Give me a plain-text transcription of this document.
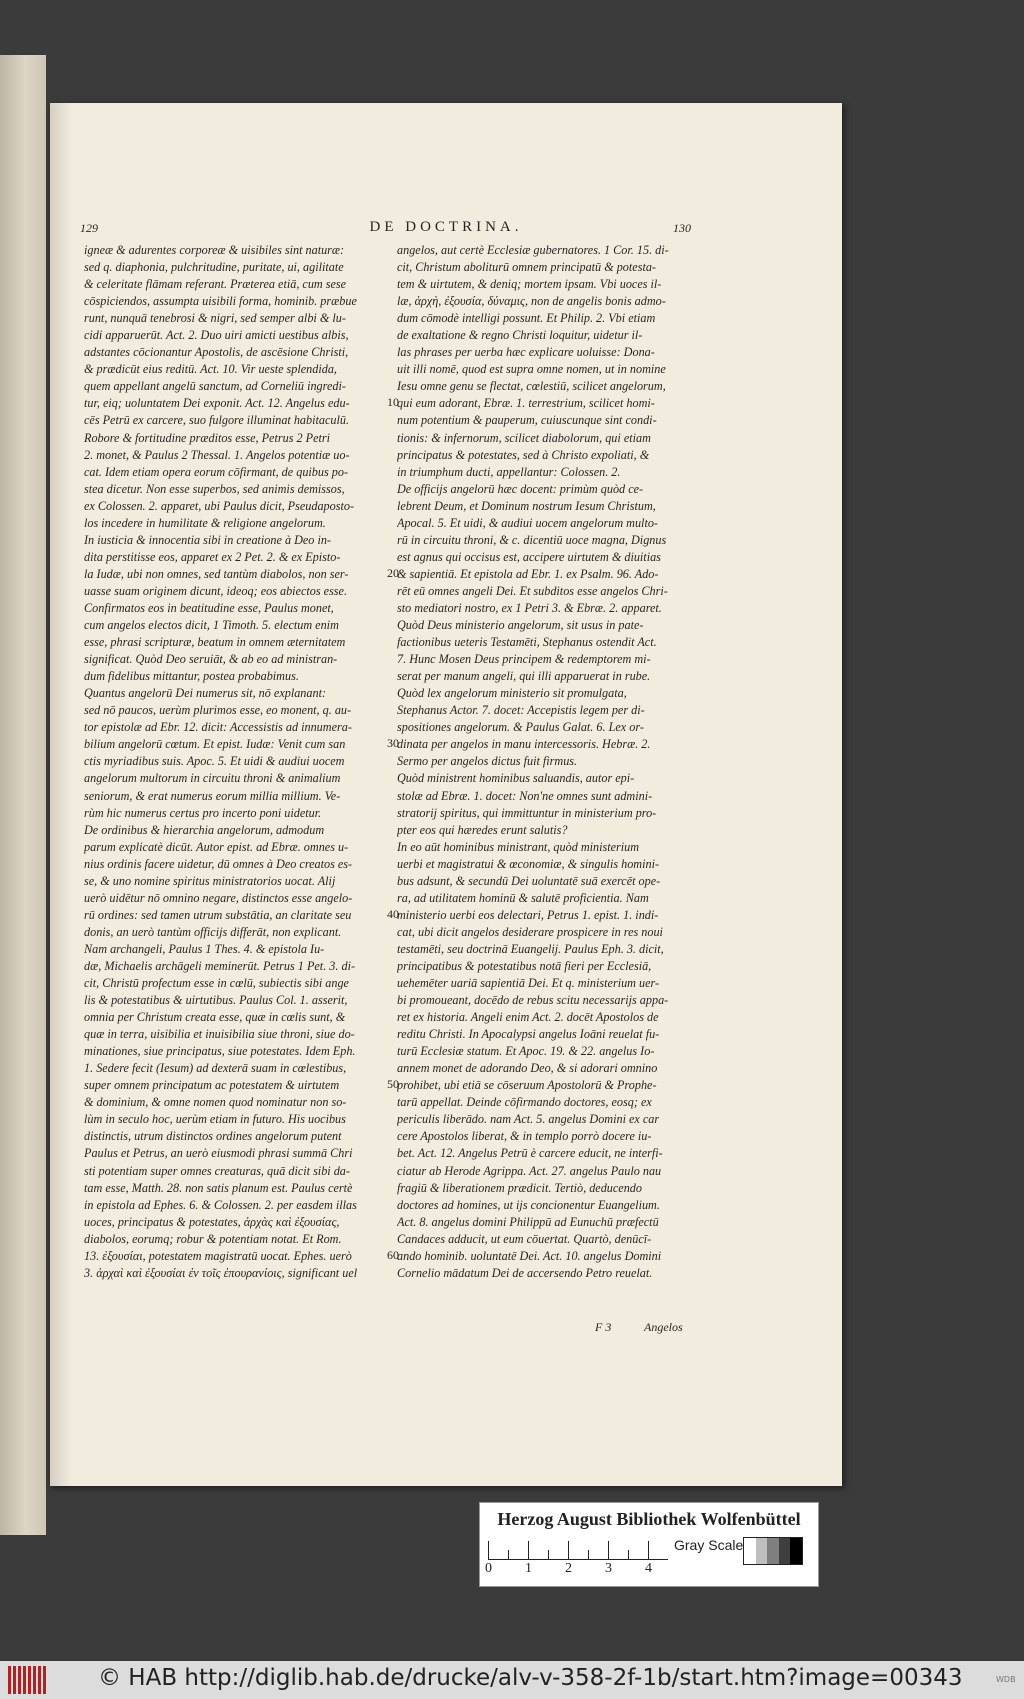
129	DE DOCTRINA.	130
igneæ & adurentes corporeæ & uisibiles sint naturæ:
sed q. diaphonia, pulchritudine, puritate, ui, agilitate
& celeritate flāmam referant. Præterea etiā, cum sese
cōspiciendos, assumpta uisibili forma, hominib. præbue
runt, nunquā tenebrosi & nigri, sed semper albi & lu-
cidi apparuerūt. Act. 2. Duo uiri amicti uestibus albis,
adstantes cōcionantur Apostolis, de ascēsione Christi,
& prædicūt eius reditū. Act. 10. Vir ueste splendida,
quem appellant angelū sanctum, ad Corneliū ingredi-
tur, eiq; uoluntatem Dei exponit. Act. 12. Angelus edu-
cēs Petrū ex carcere, suo fulgore illuminat habitaculū.
Robore & fortitudine præditos esse, Petrus 2 Petri
2. monet, & Paulus 2 Thessal. 1. Angelos potentiæ uo-
cat. Idem etiam opera eorum cōfirmant, de quibus po-
stea dicetur. Non esse superbos, sed animis demissos,
ex Colossen. 2. apparet, ubi Paulus dicit, Pseudaposto-
los incedere in humilitate & religione angelorum.
In iusticia & innocentia sibi in creatione à Deo in-
dita perstitisse eos, apparet ex 2 Pet. 2. & ex Episto-
la Iudæ, ubi non omnes, sed tantùm diabolos, non ser-
uasse suam originem dicunt, ideoq; eos abiectos esse.
Confirmatos eos in beatitudine esse, Paulus monet,
cum angelos electos dicit, 1 Timoth. 5. electum enim
esse, phrasi scripturæ, beatum in omnem æternitatem
significat. Quòd Deo seruiāt, & ab eo ad ministran-
dum fidelibus mittantur, postea probabimus.
Quantus angelorū Dei numerus sit, nō explanant:
sed nō paucos, uerùm plurimos esse, eo monent, q. au-
tor epistolæ ad Ebr. 12. dicit: Accessistis ad innumera-
bilium angelorū cœtum. Et epist. Iudæ: Venit cum san
ctis myriadibus suis. Apoc. 5. Et uidi & audiui uocem
angelorum multorum in circuitu throni & animalium
seniorum, & erat numerus eorum millia millium. Ve-
rùm hic numerus certus pro incerto poni uidetur.
De ordinibus & hierarchia angelorum, admodum
parum explicatè dicūt. Autor epist. ad Ebræ. omnes u-
nius ordinis facere uidetur, dū omnes à Deo creatos es-
se, & uno nomine spiritus ministratorios uocat. Alij
uerò uidētur nō omnino negare, distinctos esse angelo-
rū ordines: sed tamen utrum substātia, an claritate seu
donis, an uerò tantùm officijs differāt, non explicant.
Nam archangeli, Paulus 1 Thes. 4. & epistola Iu-
dæ, Michaelis archāgeli meminerūt. Petrus 1 Pet. 3. di-
cit, Christū profectum esse in cœlū, subiectis sibi ange
lis & potestatibus & uirtutibus. Paulus Col. 1. asserit,
omnia per Christum creata esse, quæ in cœlis sunt, &
quæ in terra, uisibilia et inuisibilia siue throni, siue do-
minationes, siue principatus, siue potestates. Idem Eph.
1. Sedere fecit (Iesum) ad dexterā suam in cœlestibus,
super omnem principatum ac potestatem & uirtutem
& dominium, & omne nomen quod nominatur non so-
lùm in seculo hoc, uerùm etiam in futuro. His uocibus
distinctis, utrum distinctos ordines angelorum putent
Paulus et Petrus, an uerò eiusmodi phrasi summā Chri
sti potentiam super omnes creaturas, quā dicit sibi da-
tam esse, Matth. 28. non satis planum est. Paulus certè
in epistola ad Ephes. 6. & Colossen. 2. per easdem illas
uoces, principatus & potestates, ἀρχὰς καὶ ἐξουσίας,
diabolos, eorumq; robur & potentiam notat. Et Rom.
13. ἐξουσίαι, potestatem magistratū uocat. Ephes. uerò
3. ἀρχαὶ καὶ ἐξουσίαι ἐν τοῖς ἐπουρανίοις, significant uel
10
20
30
40
50
60
angelos, aut certè Ecclesiæ gubernatores. 1 Cor. 15. di-
cit, Christum aboliturū omnem principatū & potesta-
tem & uirtutem, & deniq; mortem ipsam. Vbi uoces il-
læ, ἀρχὴ, ἐξουσία, δύναμις, non de angelis bonis admo-
dum cōmodè intelligi possunt. Et Philip. 2. Vbi etiam
de exaltatione & regno Christi loquitur, uidetur il-
las phrases per uerba hæc explicare uoluisse: Dona-
uit illi nomē, quod est supra omne nomen, ut in nomine
Iesu omne genu se flectat, cœlestiū, scilicet angelorum,
qui eum adorant, Ebræ. 1. terrestrium, scilicet homi-
num potentium & pauperum, cuiuscunque sint condi-
tionis: & infernorum, scilicet diabolorum, qui etiam
principatus & potestates, sed à Christo expoliati, &
in triumphum ducti, appellantur: Colossen. 2.
De officijs angelorū hæc docent: primùm quòd ce-
lebrent Deum, et Dominum nostrum Iesum Christum,
Apocal. 5. Et uidi, & audiui uocem angelorum multo-
rū in circuitu throni, & c. dicentiū uoce magna, Dignus
est agnus qui occisus est, accipere uirtutem & diuitias
& sapientiā. Et epistola ad Ebr. 1. ex Psalm. 96. Ado-
rēt eū omnes angeli Dei. Et subditos esse angelos Chri-
sto mediatori nostro, ex 1 Petri 3. & Ebræ. 2. apparet.
Quòd Deus ministerio angelorum, sit usus in pate-
factionibus ueteris Testamēti, Stephanus ostendit Act.
7. Hunc Mosen Deus principem & redemptorem mi-
serat per manum angeli, qui illi apparuerat in rube.
Quòd lex angelorum ministerio sit promulgata,
Stephanus Actor. 7. docet: Accepistis legem per di-
spositiones angelorum. & Paulus Galat. 6. Lex or-
dinata per angelos in manu intercessoris. Hebræ. 2.
Sermo per angelos dictus fuit firmus.
Quòd ministrent hominibus saluandis, autor epi-
stolæ ad Ebræ. 1. docet: Non'ne omnes sunt admini-
stratorij spiritus, qui immittuntur in ministerium pro-
pter eos qui hæredes erunt salutis?
In eo aūt hominibus ministrant, quòd ministerium
uerbi et magistratui & œconomiæ, & singulis homini-
bus adsunt, & secundū Dei uoluntatē suā exercēt ope-
ra, ad utilitatem hominū & salutē proficientia. Nam
ministerio uerbi eos delectari, Petrus 1. epist. 1. indi-
cat, ubi dicit angelos desiderare prospicere in res noui
testamēti, seu doctrinā Euangelij. Paulus Eph. 3. dicit,
principatibus & potestatibus notā fieri per Ecclesiā,
uehemēter uariā sapientiā Dei. Et q. ministerium uer-
bi promoueant, docēdo de rebus scitu necessarijs appa-
ret ex historia. Angeli enim Act. 2. docēt Apostolos de
reditu Christi. In Apocalypsi angelus Ioāni reuelat fu-
turū Ecclesiæ statum. Et Apoc. 19. & 22. angelus Io-
annem monet de adorando Deo, & si adorari omnino
prohibet, ubi etiā se cōseruum Apostolorū & Prophe-
tarū appellat. Deinde cōfirmando doctores, eosq; ex
periculis liberādo. nam Act. 5. angelus Domini ex car
cere Apostolos liberat, & in templo porrò docere iu-
bet. Act. 12. Angelus Petrū è carcere educit, ne interfi-
ciatur ab Herode Agrippa. Act. 27. angelus Paulo nau
fragiū & liberationem prædicit. Tertiò, deducendo
doctores ad homines, ut ijs concionentur Euangelium.
Act. 8. angelus domini Philippū ad Eunuchū præfectū
Candaces adducit, ut eum cōuertat. Quartò, denūcī-
ando hominib. uoluntatē Dei. Act. 10. angelus Domini
Cornelio mādatum Dei de accersendo Petro reuelat.
F 3	Angelos
Herzog August Bibliothek Wolfenbüttel
0 1 2 3 4
Gray Scale
© HAB http://diglib.hab.de/drucke/alv-v-358-2f-1b/start.htm?image=00343	WDB
